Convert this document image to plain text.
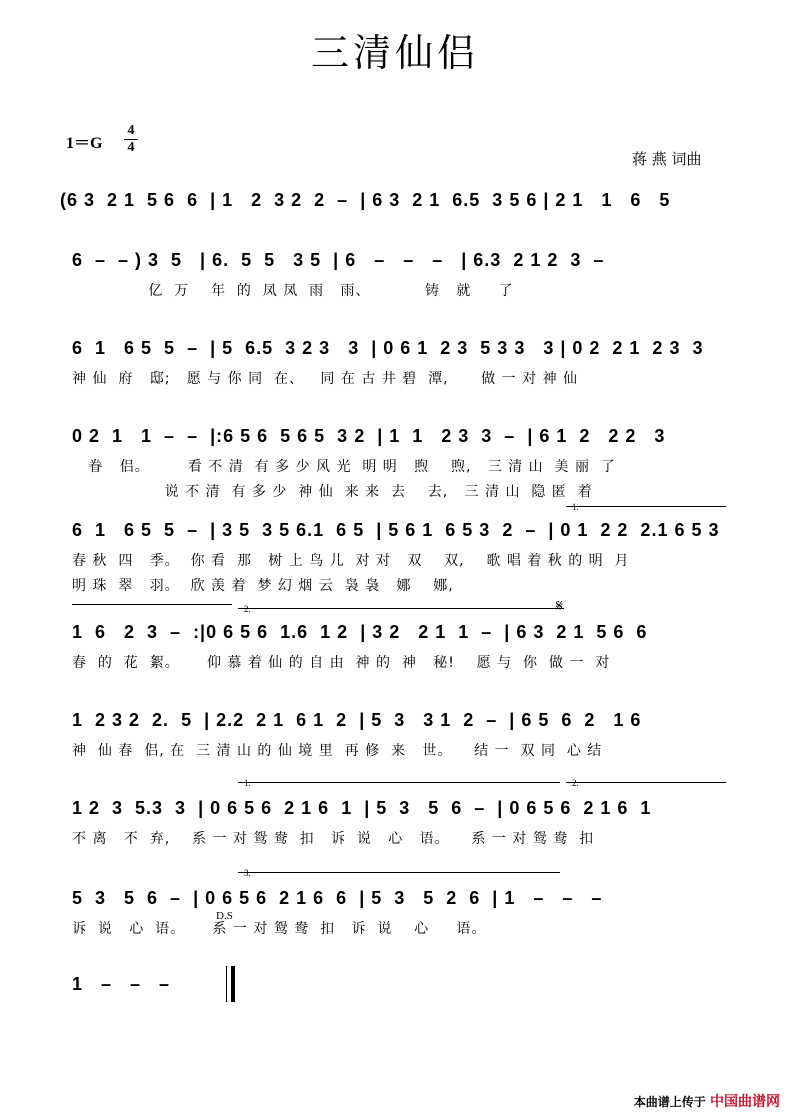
三清仙侣
1＝G
4
4
蒋 燕 词曲
(6 3  2 1  5 6  6  | 1   2  3 2  2  –  | 6 3  2 1  6.5  3 5 6 | 2 1   1   6   5
6  –  – ) 3  5   | 6.  5  5   3 5  | 6   –   –   –   | 6.3  2 1 2  3  –
亿  万    年  的  凤 凤  雨   雨、          铸   就     了
6  1   6 5  5  –  | 5  6.5  3 2 3   3  | 0 6 1  2 3  5 3 3   3 | 0 2  2 1  2 3  3
神 仙  府   邸;   愿 与 你 同  在、   同 在 古 井 碧  潭,      做 一 对 神 仙
0 2  1   1  –  –  |:6 5 6  5 6 5  3 2  | 1  1   2 3  3  –  | 6 1  2   2 2   3
眷   侣。       看 不 清  有 多 少 风 光  明 明   煦    煦,   三 清 山  美 丽  了
说 不 清  有 多 少  神 仙  来 来  去    去,   三 清 山  隐 匿  着
1.
6  1   6 5  5  –  | 3 5  3 5 6.1  6 5  | 5 6 1  6 5 3  2  –  | 0 1  2 2  2.1 6 5 3
春 秋  四   季。  你 看  那   树 上 鸟 儿  对 对   双    双,    歌 唱 着 秋 的 明  月
明 珠  翠   羽。  欣 羡 着  梦 幻 烟 云  袅 袅   娜    娜,
2.	𝄋
1  6   2  3  –  :|0 6 5 6  1.6  1 2  | 3 2   2 1  1  –  | 6 3  2 1  5 6  6
春  的  花  絮。     仰 慕 着 仙 的 自 由  神 的  神   秘!    愿 与  你  做 一  对
1  2 3 2  2.  5  | 2.2  2 1  6 1  2  | 5  3   3 1  2  –  | 6 5  6  2   1 6
神  仙 春  侣, 在  三 清 山 的 仙 境 里  再 修  来   世。    结 一  双 同  心 结
1.	2.
1 2  3  5.3  3  | 0 6 5 6  2 1 6  1  | 5  3   5  6  –  | 0 6 5 6  2 1 6  1
不 离   不  弃,    系 一 对 鸳 鸯  扣   诉  说   心   语。    系 一 对 鸳 鸯  扣
3.
D.S
5  3   5  6  –  | 0 6 5 6  2 1 6  6  | 5  3   5  2  6  | 1   –   –   –
诉  说   心  语。     系 一 对 鸳 鸯  扣   诉  说    心     语。
1   –   –   –
本曲谱上传于 中国曲谱网
